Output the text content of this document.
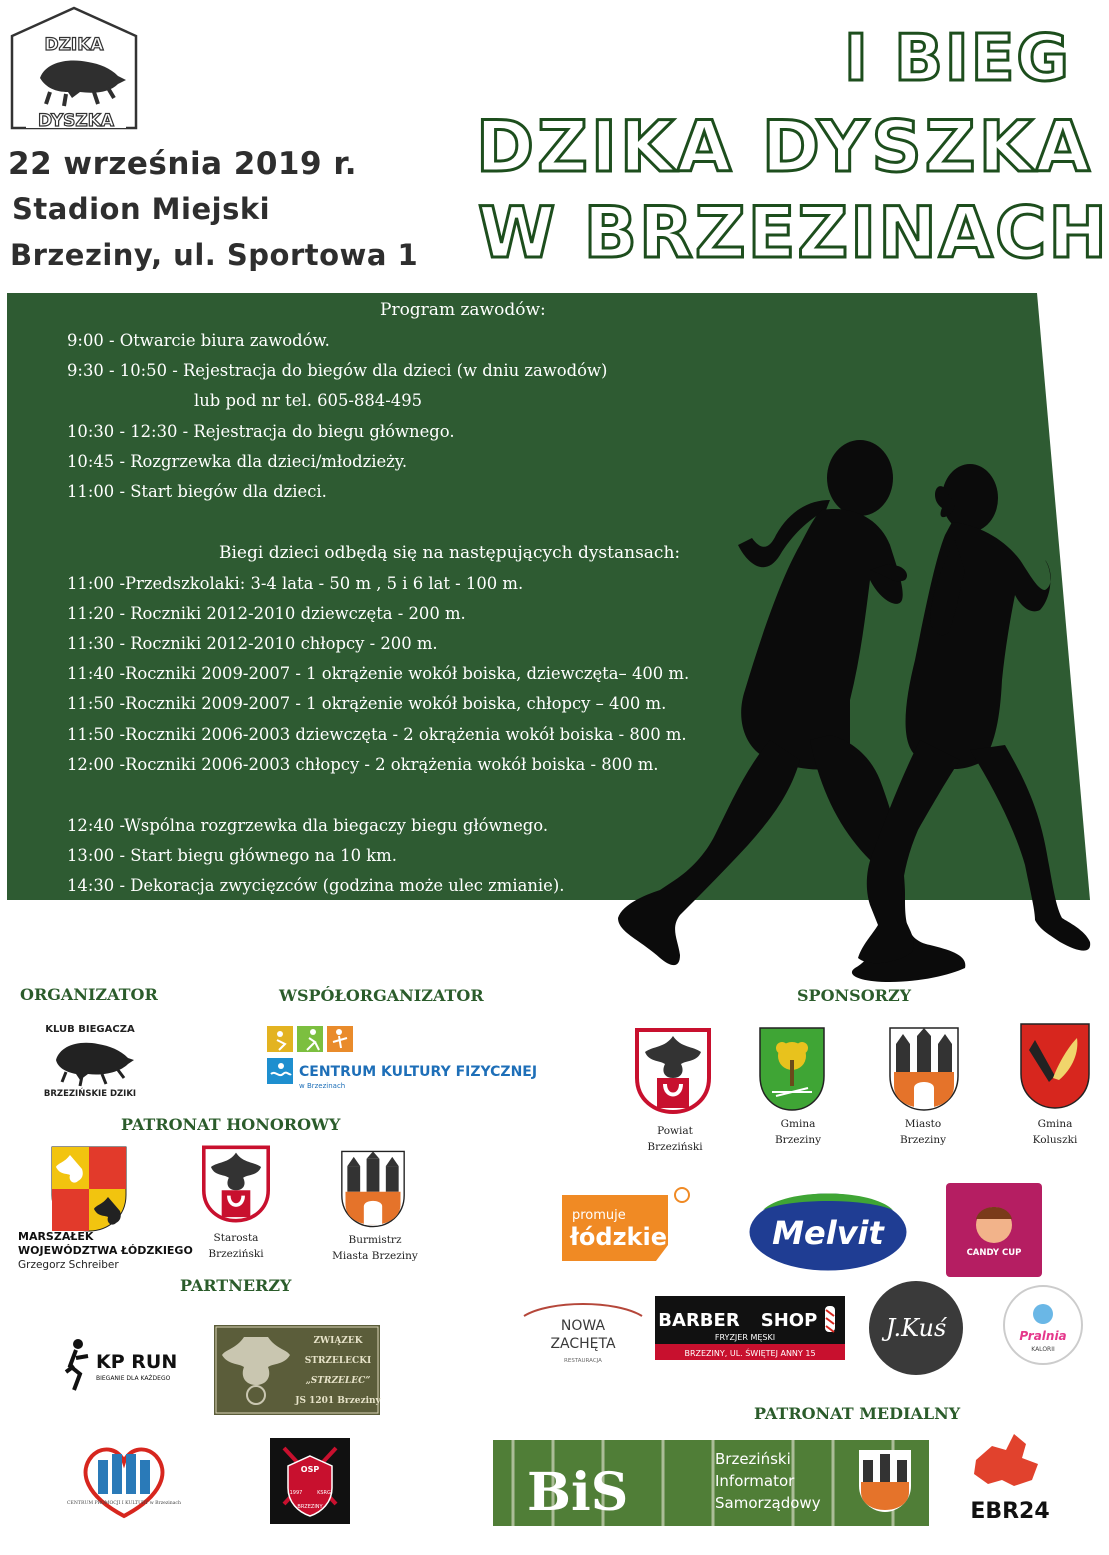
DZIKA
DYSZKA
22 września 2019 r.
Stadion Miejski
Brzeziny, ul. Sportowa 1
I BIEG
DZIKA DYSZKA
W BRZEZINACH
Program zawodów:
9:00 - Otwarcie biura zawodów.
9:30 - 10:50 - Rejestracja do biegów dla dzieci (w dniu zawodów)
lub pod nr tel. 605-884-495
10:30 - 12:30 - Rejestracja do biegu głównego.
10:45 - Rozgrzewka dla dzieci/młodzieży.
11:00 - Start biegów dla dzieci.
Biegi dzieci odbędą się na następujących dystansach:
11:00 -Przedszkolaki: 3-4 lata - 50 m , 5 i 6 lat - 100 m.
11:20 - Roczniki 2012-2010 dziewczęta - 200 m.
11:30 - Roczniki 2012-2010 chłopcy - 200 m.
11:40 -Roczniki 2009-2007 - 1 okrążenie wokół boiska, dziewczęta– 400 m.
11:50 -Roczniki 2009-2007 - 1 okrążenie wokół boiska, chłopcy – 400 m.
11:50 -Roczniki 2006-2003 dziewczęta - 2 okrążenia wokół boiska - 800 m.
12:00 -Roczniki 2006-2003 chłopcy - 2 okrążenia wokół boiska - 800 m.
12:40 -Wspólna rozgrzewka dla biegaczy biegu głównego.
13:00 - Start biegu głównego na 10 km.
14:30 - Dekoracja zwycięzców (godzina może ulec zmianie).
ORGANIZATOR	WSPÓŁORGANIZATOR	SPONSORZY
PATRONAT HONOROWY
PARTNERZY
PATRONAT MEDIALNY
KLUB BIEGACZA
BRZEZIŃSKIE DZIKI
CENTRUM KULTURY FIZYCZNEJ
w Brzezinach
Powiat
Brzeziński
Gmina
Brzeziny
Miasto
Brzeziny
Gmina
Koluszki
MARSZAŁEK
WOJEWÓDZTWA ŁÓDZKIEGO
Grzegorz Schreiber
Starosta
Brzeziński
Burmistrz
Miasta Brzeziny
promuje
łódzkie	Melvit
CANDY CUP
NOWA
ZACHĘTA
RESTAURACJA
BARBER SHOP
FRYZJER MĘSKI
BRZEZINY, UL. ŚWIĘTEJ ANNY 15
J.Kuś	Pralnia
KALORII
KP RUN
BIEGANIE DLA KAŻDEGO
ZWIĄZEK
STRZELECKI
„STRZELEC”
JS 1201 Brzeziny
CENTRUM PROMOCJI I KULTURY w Brzezinach
OSP
KSRG
1997
BRZEZINY	BiS
Brzeziński
Informator
Samorządowy	EBR24
